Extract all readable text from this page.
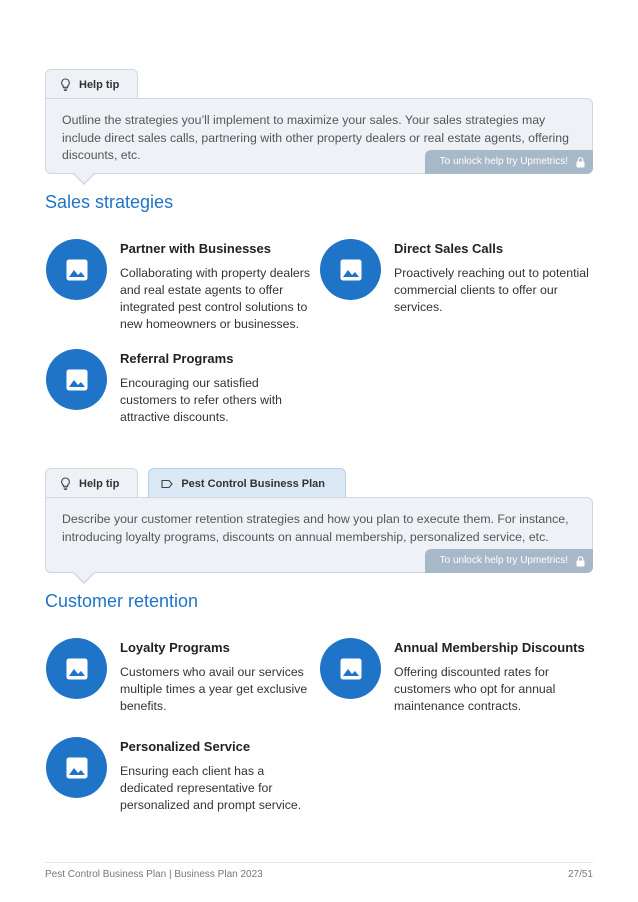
Help tip

Outline the strategies you’ll implement to maximize your sales. Your sales strategies may include direct sales calls, partnering with other property dealers or real estate agents, offering discounts, etc.	To unlock help try Upmetrics!
Sales strategies
Partner with Businesses
Collaborating with property dealers and real estate agents to offer integrated pest control solutions to new homeowners or businesses.
Direct Sales Calls
Proactively reaching out to potential commercial clients to offer our services.
Referral Programs
Encouraging our satisfied customers to refer others with attractive discounts.
Help tip	Pest Control Business Plan

Describe your customer retention strategies and how you plan to execute them. For instance, introducing loyalty programs, discounts on annual membership, personalized service, etc.

To unlock help try Upmetrics!
Customer retention
Loyalty Programs
Customers who avail our services multiple times a year get exclusive benefits.
Annual Membership Discounts
Offering discounted rates for customers who opt for annual maintenance contracts.
Personalized Service
Ensuring each client has a dedicated representative for personalized and prompt service.
Pest Control Business Plan | Business Plan 2023	27/51
